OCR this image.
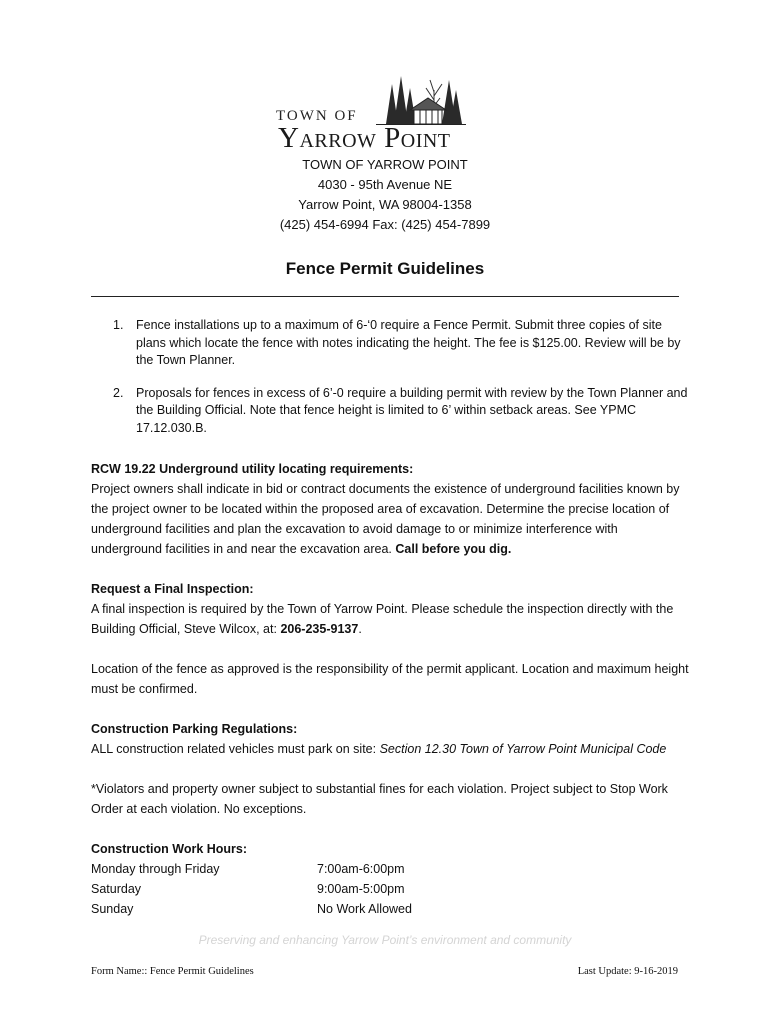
TOWN OF
Yarrow Point
TOWN OF YARROW POINT
4030 - 95th Avenue NE
Yarrow Point, WA 98004-1358
(425) 454-6994 Fax: (425) 454-7899
Fence Permit Guidelines
1. Fence installations up to a maximum of 6-‘0 require a Fence Permit. Submit three copies of site plans which locate the fence with notes indicating the height. The fee is $125.00. Review will be by the Town Planner.
2. Proposals for fences in excess of 6’-0 require a building permit with review by the Town Planner and the Building Official. Note that fence height is limited to 6’ within setback areas. See YPMC 17.12.030.B.
RCW 19.22 Underground utility locating requirements:
Project owners shall indicate in bid or contract documents the existence of underground facilities known by the project owner to be located within the proposed area of excavation. Determine the precise location of underground facilities and plan the excavation to avoid damage to or minimize interference with underground facilities in and near the excavation area. Call before you dig.
Request a Final Inspection:
A final inspection is required by the Town of Yarrow Point. Please schedule the inspection directly with the Building Official, Steve Wilcox, at: 206-235-9137.
Location of the fence as approved is the responsibility of the permit applicant. Location and maximum height must be confirmed.
Construction Parking Regulations:
ALL construction related vehicles must park on site: Section 12.30 Town of Yarrow Point Municipal Code
*Violators and property owner subject to substantial fines for each violation. Project subject to Stop Work Order at each violation. No exceptions.
Construction Work Hours:
Monday through Friday	7:00am-6:00pm
Saturday	9:00am-5:00pm
Sunday	No Work Allowed
Preserving and enhancing Yarrow Point’s environment and community
Form Name:: Fence Permit Guidelines	Last Update: 9-16-2019
